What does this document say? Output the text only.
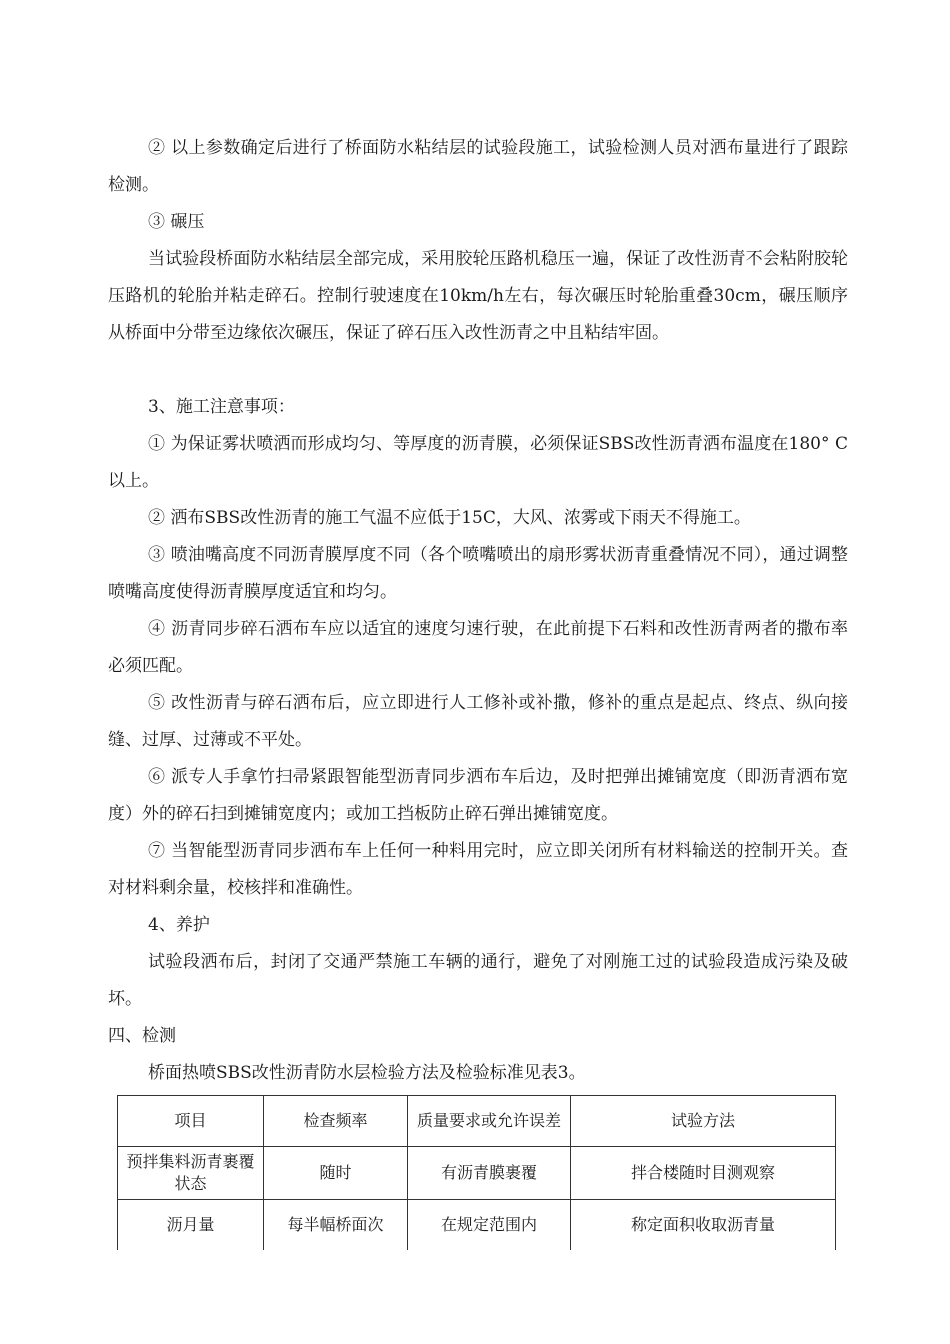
② 以上参数确定后进行了桥面防水粘结层的试验段施工，试验检测人员对洒布量进行了跟踪检测。
③ 碾压
当试验段桥面防水粘结层全部完成，采用胶轮压路机稳压一遍，保证了改性沥青不会粘附胶轮压路机的轮胎并粘走碎石。控制行驶速度在10km/h左右，每次碾压时轮胎重叠30cm，碾压顺序从桥面中分带至边缘依次碾压，保证了碎石压入改性沥青之中且粘结牢固。
3、施工注意事项：
① 为保证雾状喷洒而形成均匀、等厚度的沥青膜，必须保证SBS改性沥青洒布温度在180° C以上。
② 洒布SBS改性沥青的施工气温不应低于15C，大风、浓雾或下雨天不得施工。
③ 喷油嘴高度不同沥青膜厚度不同（各个喷嘴喷出的扇形雾状沥青重叠情况不同），通过调整喷嘴高度使得沥青膜厚度适宜和均匀。
④ 沥青同步碎石洒布车应以适宜的速度匀速行驶，在此前提下石料和改性沥青两者的撒布率必须匹配。
⑤ 改性沥青与碎石洒布后，应立即进行人工修补或补撒，修补的重点是起点、终点、纵向接缝、过厚、过薄或不平处。
⑥ 派专人手拿竹扫帚紧跟智能型沥青同步洒布车后边，及时把弹出摊铺宽度（即沥青洒布宽度）外的碎石扫到摊铺宽度内；或加工挡板防止碎石弹出摊铺宽度。
⑦ 当智能型沥青同步洒布车上任何一种料用完时，应立即关闭所有材料输送的控制开关。查对材料剩余量，校核拌和准确性。
4、养护
试验段洒布后，封闭了交通严禁施工车辆的通行，避免了对刚施工过的试验段造成污染及破坏。
四、检测
桥面热喷SBS改性沥青防水层检验方法及检验标准见表3。
项目	检查频率	质量要求或允许误差	试验方法
预拌集料沥青裹覆状态	随时	有沥青膜裹覆	拌合楼随时目测观察
沥月量	每半幅桥面次	在规定范围内	称定面积收取沥青量
